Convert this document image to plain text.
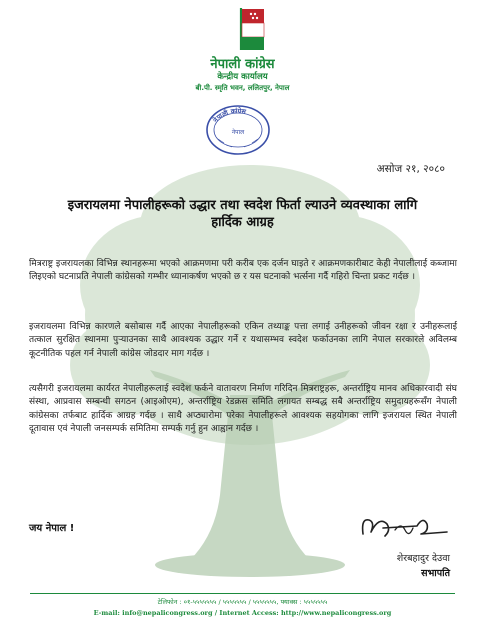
नेपाली कांग्रेस
केन्द्रीय कार्यालय
बी.पी. स्मृति भवन, ललितपुर, नेपाल
नेपाली कांग्रेस
नेपाल
असोज २१, २०८०
इजरायलमा नेपालीहरूको उद्धार तथा स्वदेश फिर्ता ल्याउने व्यवस्थाका लागि
हार्दिक आग्रह

मित्रराष्ट्र इजरायलका विभिन्न स्थानहरूमा भएको आक्रमणमा परी करीब एक दर्जन घाइते र आक्रमणकारीबाट केही नेपालीलाई कब्जामा लिइएको घटनाप्रति नेपाली कांग्रेसको गम्भीर ध्यानाकर्षण भएको छ र यस घटनाको भर्त्सना गर्दै गहिरो चिन्ता प्रकट गर्दछ ।

इजरायलमा विभिन्न कारणले बसोबास गर्दै आएका नेपालीहरूको एकिन तथ्याङ्क पत्ता लगाई उनीहरूको जीवन रक्षा र उनीहरूलाई तत्काल सुरक्षित स्थानमा पुऱ्याउनका साथै आवश्यक उद्धार गर्ने र यथासम्भव स्वदेश फर्काउनका लागि नेपाल सरकारले अविलम्ब कूटनीतिक पहल गर्न नेपाली कांग्रेस जोडदार माग गर्दछ ।

त्यसैगरी इजरायलमा कार्यरत नेपालीहरूलाई स्वदेश फर्कने वातावरण निर्माण गरिदिन मित्रराष्ट्रहरू, अन्तर्राष्ट्रिय मानव अधिकारवादी संघ संस्था, आप्रवास सम्बन्धी सगठन (आइओएम), अन्तर्राष्ट्रिय रेडक्रस समिति लगायत सम्बद्ध सबै अन्तर्राष्ट्रिय समुदायहरूसँग नेपाली कांग्रेसका तर्फबाट हार्दिक आग्रह गर्दछ । साथै अप्ठ्यारोमा परेका नेपालीहरूले आवश्यक सहयोगका लागि इजरायल स्थित नेपाली दूतावास एवं नेपाली जनसम्पर्क समितिमा सम्पर्क गर्नु हुन आह्वान गर्दछ ।

जय नेपाल !
शेरबहादुर देउवा
सभापति
टेलिफोन : ०१-५५५५५५५ / ५५५५५५५ / ५५५५५५५, फ्याक्स : ५५५५५५५
E-mail: info@nepalicongress.org / Internet Access: http://www.nepalicongress.org
